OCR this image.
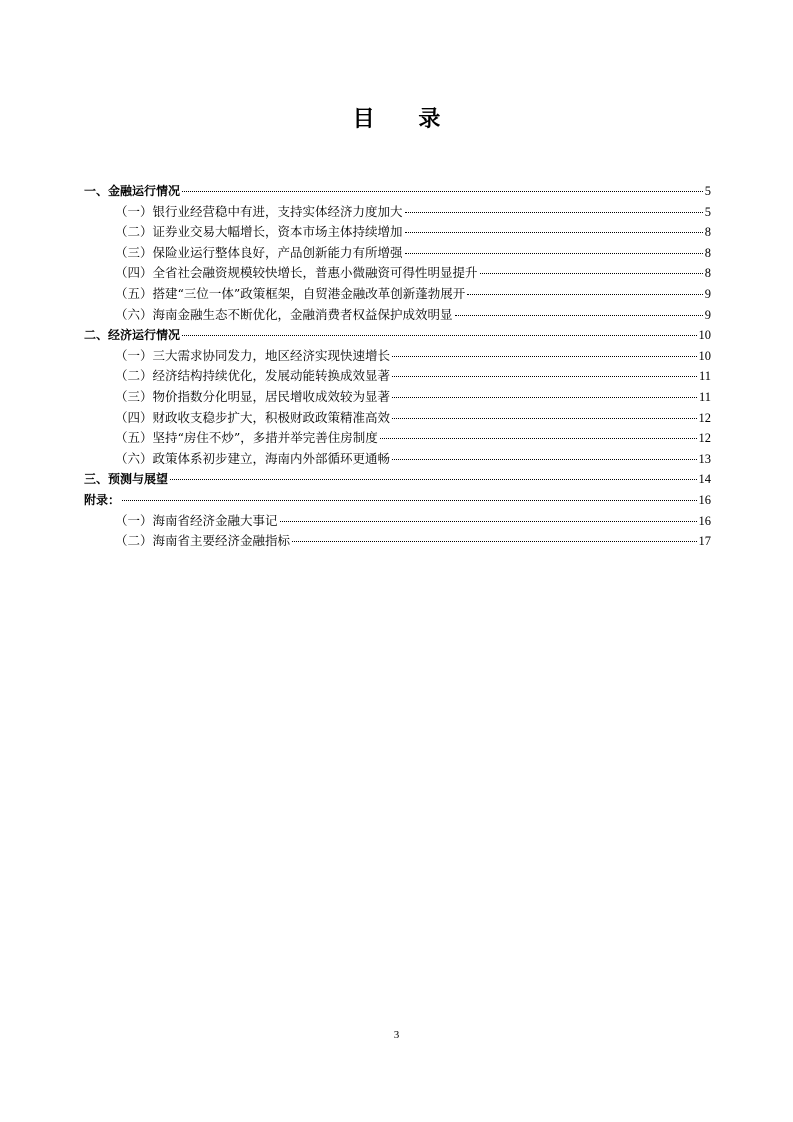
目 录
一、金融运行情况	5
（一）银行业经营稳中有进，支持实体经济力度加大	5
（二）证券业交易大幅增长，资本市场主体持续增加	8
（三）保险业运行整体良好，产品创新能力有所增强	8
（四）全省社会融资规模较快增长，普惠小微融资可得性明显提升	8
（五）搭建“三位一体”政策框架，自贸港金融改革创新蓬勃展开	9
（六）海南金融生态不断优化，金融消费者权益保护成效明显	9
二、经济运行情况	10
（一）三大需求协同发力，地区经济实现快速增长	10
（二）经济结构持续优化，发展动能转换成效显著	11
（三）物价指数分化明显，居民增收成效较为显著	11
（四）财政收支稳步扩大，积极财政政策精准高效	12
（五）坚持“房住不炒”，多措并举完善住房制度	12
（六）政策体系初步建立，海南内外部循环更通畅	13
三、预测与展望	14
附录：	16
（一）海南省经济金融大事记	16
（二）海南省主要经济金融指标	17
3
